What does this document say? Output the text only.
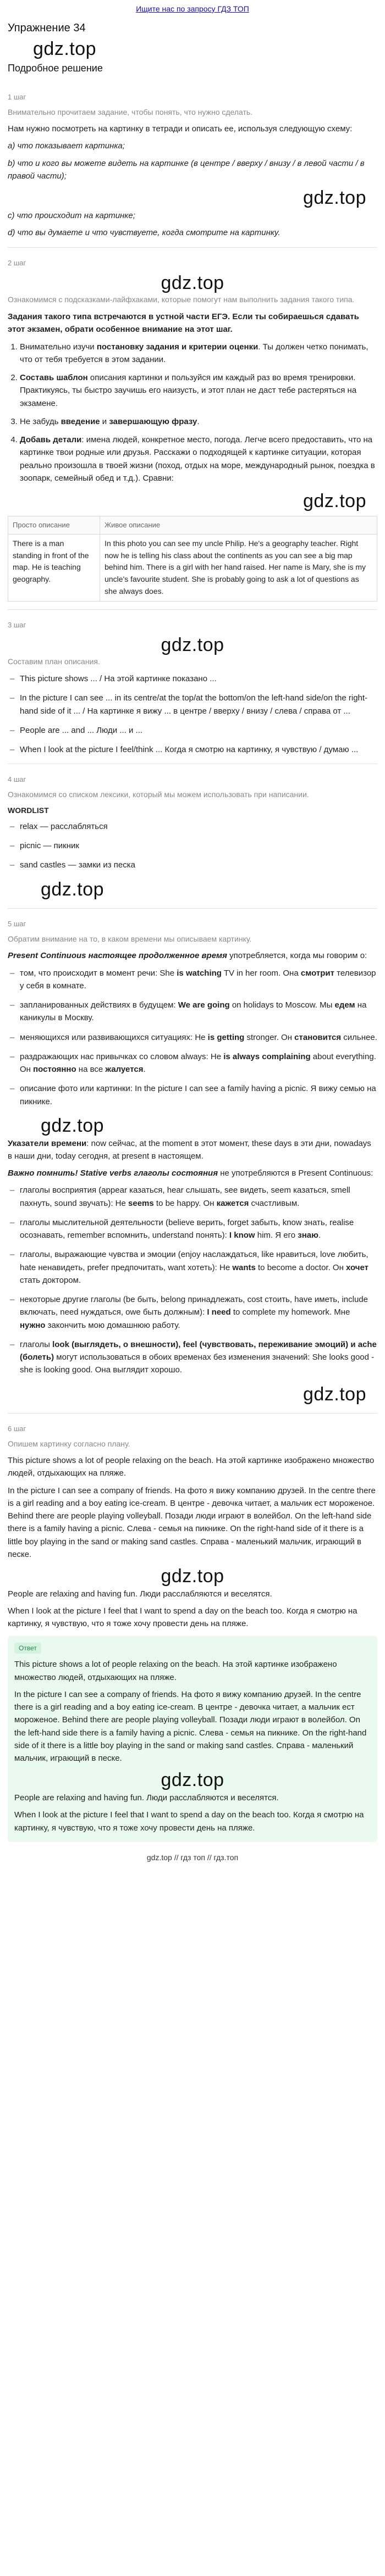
Ищите нас по запросу ГДЗ ТОП
Упражнение 34
gdz.top
Подробное решение
1 шаг

Внимательно прочитаем задание, чтобы понять, что нужно сделать.

Нам нужно посмотреть на картинку в тетради и описать ее, используя следующую схему:

a) что показывает картинка;

b) что и кого вы можете видеть на картинке (в центре / вверху / внизу / в левой части / в правой части);

gdz.top

c) что происходит на картинке;

d) что вы думаете и что чувствуете, когда смотрите на картинку.

2 шаг
gdz.top

Ознакомимся с подсказками-лайфхаками, которые помогут нам выполнить задания такого типа.

Задания такого типа встречаются в устной части ЕГЭ. Если ты собираешься сдавать этот экзамен, обрати особенное внимание на этот шаг.

1. Внимательно изучи постановку задания и критерии оценки. Ты должен четко понимать, что от тебя требуется в этом задании.
2. Составь шаблон описания картинки и пользуйся им каждый раз во время тренировки. Практикуясь, ты быстро заучишь его наизусть, и этот план не даст тебе растеряться на экзамене.
3. Не забудь введение и завершающую фразу.
4. Добавь детали: имена людей, конкретное место, погода. Легче всего предоставить, что на картинке твои родные или друзья. Расскажи о подходящей к картинке ситуации, которая реально произошла в твоей жизни (поход, отдых на море, международный рынок, поездка в зоопарк, семейный обед и т.д.). Сравни:
gdz.top
Просто описание	Живое описание
There is a man standing in front of the map. He is teaching geography.	In this photo you can see my uncle Philip. He's a geography teacher. Right now he is telling his class about the continents as you can see a big map behind him. There is a girl with her hand raised. Her name is Mary, she is my uncle's favourite student. She is probably going to ask a lot of questions as she always does.
3 шаг
gdz.top

Составим план описания.

– This picture shows ... / На этой картинке показано ...
– In the picture I can see ... in its centre/at the top/at the bottom/on the left-hand side/on the right-hand side of it ... / На картинке я вижу ... в центре / вверху / внизу / слева / справа от ...
– People are ... and ... Люди ... и ...
– When I look at the picture I feel/think ... Когда я смотрю на картинку, я чувствую / думаю ...
4 шаг

Ознакомимся со списком лексики, который мы можем использовать при написании.

WORDLIST
– relax — расслабляться
– picnic — пикник
– sand castles — замки из песка
gdz.top
5 шаг

Обратим внимание на то, в каком времени мы описываем картинку.

Present Continuous настоящее продолженное время употребляется, когда мы говорим о:

– том, что происходит в момент речи: She is watching TV in her room. Она смотрит телевизор у себя в комнате.
– запланированных действиях в будущем: We are going on holidays to Moscow. Мы едем на каникулы в Москву.
– меняющихся или развивающихся ситуациях: He is getting stronger. Он становится сильнее.
– раздражающих нас привычках со словом always: He is always complaining about everything. Он постоянно на все жалуется.
– описание фото или картинки: In the picture I can see a family having a picnic. Я вижу семью на пикнике.
gdz.top

Указатели времени: now сейчас, at the moment в этот момент, these days в эти дни, nowadays в наши дни, today сегодня, at present в настоящем.

Важно помнить! Stative verbs глаголы состояния не употребляются в Present Continuous:

– глаголы восприятия (appear казаться, hear слышать, see видеть, seem казаться, smell пахнуть, sound звучать): He seems to be happy. Он кажется счастливым.
– глаголы мыслительной деятельности (believe верить, forget забыть, know знать, realise осознавать, remember вспомнить, understand понять): I know him. Я его знаю.
– глаголы, выражающие чувства и эмоции (enjoy наслаждаться, like нравиться, love любить, hate ненавидеть, prefer предпочитать, want хотеть): He wants to become a doctor. Он хочет стать доктором.
– некоторые другие глаголы (be быть, belong принадлежать, cost стоить, have иметь, include включать, need нуждаться, owe быть должным): I need to complete my homework. Мне нужно закончить мою домашнюю работу.
– глаголы look (выглядеть, о внешности), feel (чувствовать, переживание эмоций) и ache (болеть) могут использоваться в обоих временах без изменения значений: She looks good - she is looking good. Она выглядит хорошо.
gdz.top
6 шаг

Опишем картинку согласно плану.

This picture shows a lot of people relaxing on the beach. На этой картинке изображено множество людей, отдыхающих на пляже.

In the picture I can see a company of friends. На фото я вижу компанию друзей. In the centre there is a girl reading and a boy eating ice-cream. В центре - девочка читает, а мальчик ест мороженое. Behind there are people playing volleyball. Позади люди играют в волейбол. On the left-hand side there is a family having a picnic. Слева - семья на пикнике. On the right-hand side of it there is a little boy playing in the sand or making sand castles. Справа - маленький мальчик, играющий в песке.

gdz.top

People are relaxing and having fun. Люди расслабляются и веселятся.

When I look at the picture I feel that I want to spend a day on the beach too. Когда я смотрю на картинку, я чувствую, что я тоже хочу провести день на пляже.

Ответ

This picture shows a lot of people relaxing on the beach. На этой картинке изображено множество людей, отдыхающих на пляже.

In the picture I can see a company of friends. На фото я вижу компанию друзей. In the centre there is a girl reading and a boy eating ice-cream. В центре - девочка читает, а мальчик ест мороженое. Behind there are people playing volleyball. Позади люди играют в волейбол. On the left-hand side there is a family having a picnic. Слева - семья на пикнике. On the right-hand side of it there is a little boy playing in the sand or making sand castles. Справа - маленький мальчик, играющий в песке.

gdz.top

People are relaxing and having fun. Люди расслабляются и веселятся.

When I look at the picture I feel that I want to spend a day on the beach too. Когда я смотрю на картинку, я чувствую, что я тоже хочу провести день на пляже.

gdz.top // гдз топ // гдз.топ
